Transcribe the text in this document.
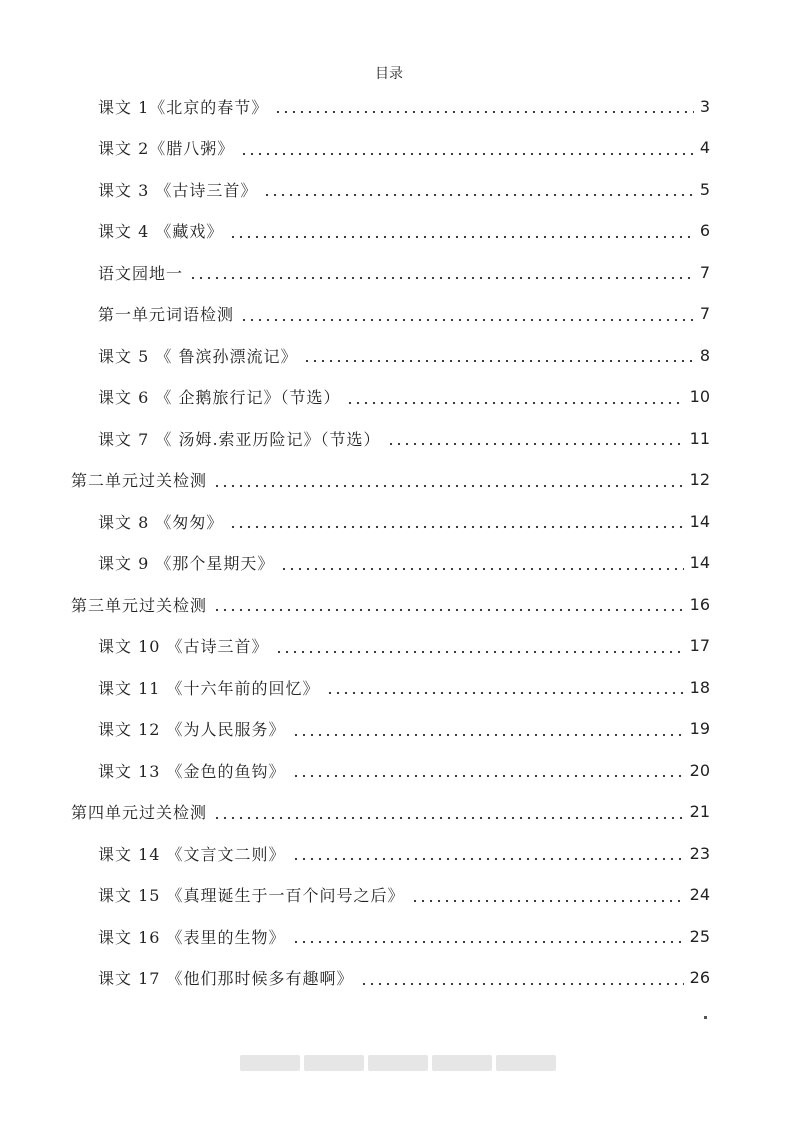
目录
课文 1《北京的春节》	3
课文 2《腊八粥》	4
课文 3 《古诗三首》	5
课文 4 《藏戏》	6
语文园地一	7
第一单元词语检测	7
课文 5 《 鲁滨孙漂流记》	8
课文 6 《 企鹅旅行记》（节选）	10
课文 7 《 汤姆.索亚历险记》（节选）	11
第二单元过关检测	12
课文 8 《匆匆》	14
课文 9 《那个星期天》	14
第三单元过关检测	16
课文 10 《古诗三首》	17
课文 11 《十六年前的回忆》	18
课文 12 《为人民服务》	19
课文 13 《金色的鱼钩》	20
第四单元过关检测	21
课文 14 《文言文二则》	23
课文 15 《真理诞生于一百个问号之后》	24
课文 16 《表里的生物》	25
课文 17 《他们那时候多有趣啊》	26
